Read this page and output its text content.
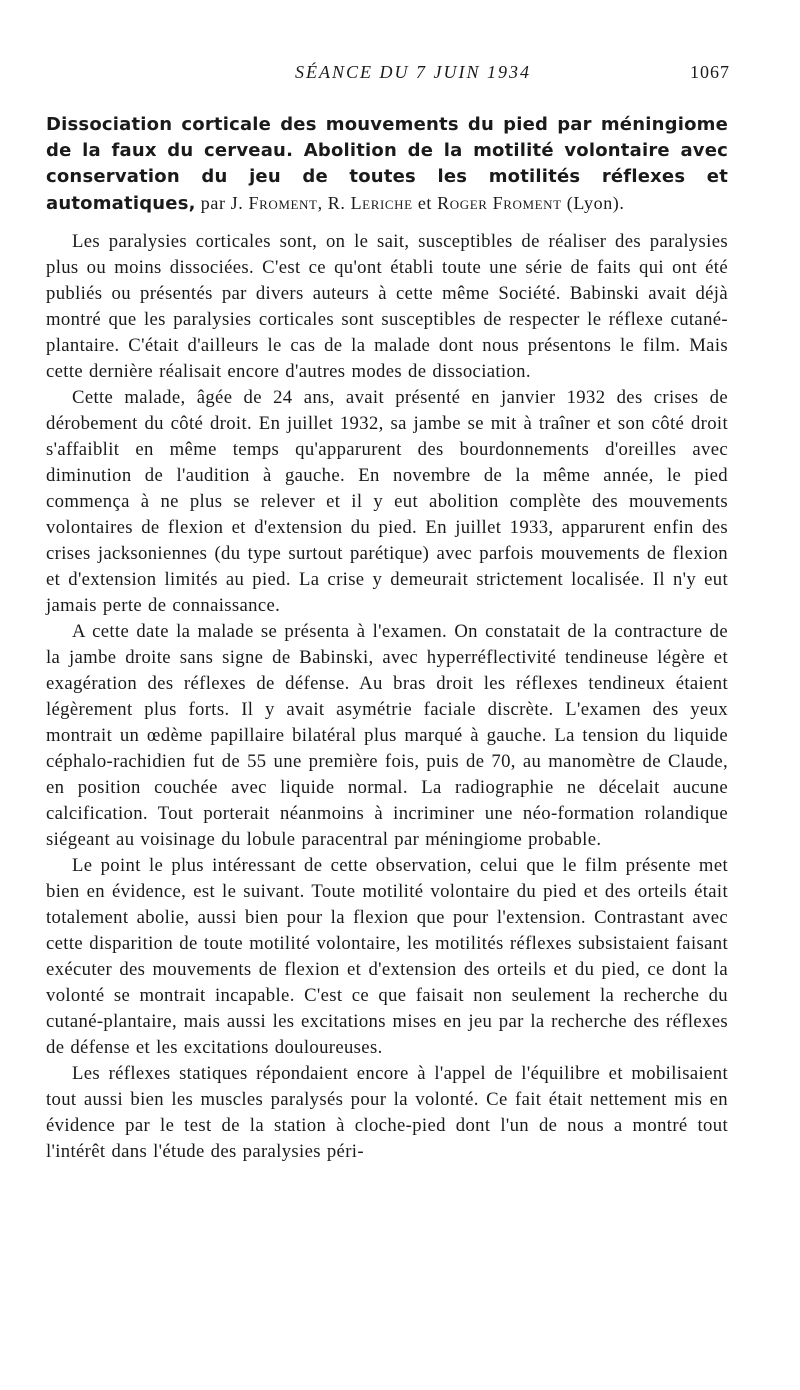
SÉANCE DU 7 JUIN 1934	1067

Dissociation corticale des mouvements du pied par méningiome de la faux du cerveau. Abolition de la motilité volontaire avec conservation du jeu de toutes les motilités réflexes et automatiques, par J. Froment, R. Leriche et Roger Froment (Lyon).

Les paralysies corticales sont, on le sait, susceptibles de réaliser des paralysies plus ou moins dissociées. C'est ce qu'ont établi toute une série de faits qui ont été publiés ou présentés par divers auteurs à cette même Société. Babinski avait déjà montré que les paralysies corticales sont susceptibles de respecter le réflexe cutané-plantaire. C'était d'ailleurs le cas de la malade dont nous présentons le film. Mais cette dernière réalisait encore d'autres modes de dissociation.

Cette malade, âgée de 24 ans, avait présenté en janvier 1932 des crises de dérobement du côté droit. En juillet 1932, sa jambe se mit à traîner et son côté droit s'affaiblit en même temps qu'apparurent des bourdonnements d'oreilles avec diminution de l'audition à gauche. En novembre de la même année, le pied commença à ne plus se relever et il y eut abolition complète des mouvements volontaires de flexion et d'extension du pied. En juillet 1933, apparurent enfin des crises jacksoniennes (du type surtout parétique) avec parfois mouvements de flexion et d'extension limités au pied. La crise y demeurait strictement localisée. Il n'y eut jamais perte de connaissance.

A cette date la malade se présenta à l'examen. On constatait de la contracture de la jambe droite sans signe de Babinski, avec hyperréflectivité tendineuse légère et exagération des réflexes de défense. Au bras droit les réflexes tendineux étaient légèrement plus forts. Il y avait asymétrie faciale discrète. L'examen des yeux montrait un œdème papillaire bilatéral plus marqué à gauche. La tension du liquide céphalo-rachidien fut de 55 une première fois, puis de 70, au manomètre de Claude, en position couchée avec liquide normal. La radiographie ne décelait aucune calcification. Tout porterait néanmoins à incriminer une néo-formation rolandique siégeant au voisinage du lobule paracentral par méningiome probable.

Le point le plus intéressant de cette observation, celui que le film présente met bien en évidence, est le suivant. Toute motilité volontaire du pied et des orteils était totalement abolie, aussi bien pour la flexion que pour l'extension. Contrastant avec cette disparition de toute motilité volontaire, les motilités réflexes subsistaient faisant exécuter des mouvements de flexion et d'extension des orteils et du pied, ce dont la volonté se montrait incapable. C'est ce que faisait non seulement la recherche du cutané-plantaire, mais aussi les excitations mises en jeu par la recherche des réflexes de défense et les excitations douloureuses.

Les réflexes statiques répondaient encore à l'appel de l'équilibre et mobilisaient tout aussi bien les muscles paralysés pour la volonté. Ce fait était nettement mis en évidence par le test de la station à cloche-pied dont l'un de nous a montré tout l'intérêt dans l'étude des paralysies péri-
